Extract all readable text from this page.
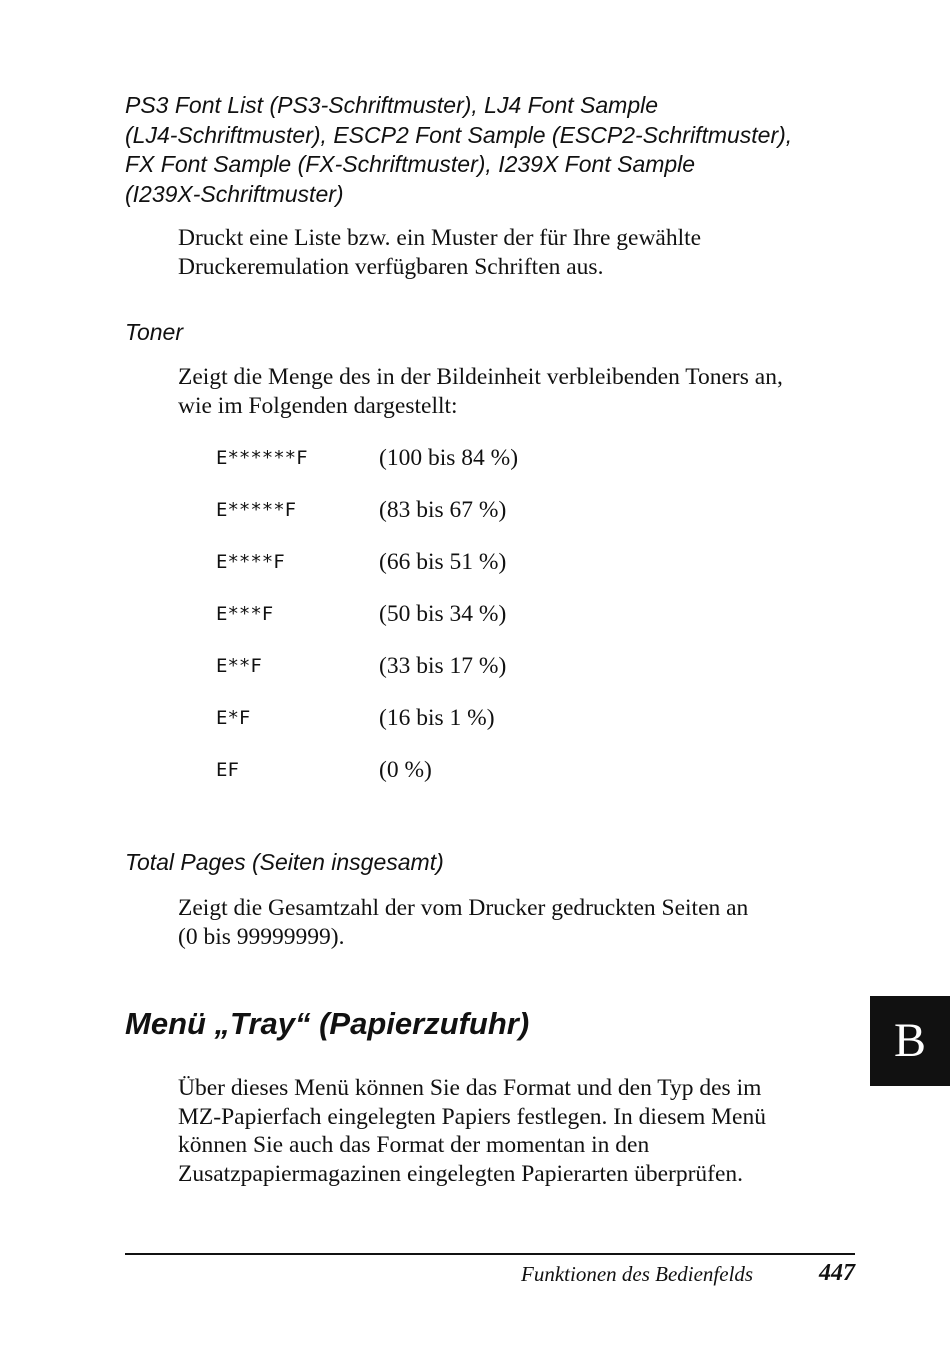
PS3 Font List (PS3-Schriftmuster), LJ4 Font Sample
(LJ4-Schriftmuster), ESCP2 Font Sample (ESCP2-Schriftmuster),
FX Font Sample (FX-Schriftmuster), I239X Font Sample
(I239X-Schriftmuster)

Druckt eine Liste bzw. ein Muster der für Ihre gewählte
Druckeremulation verfügbaren Schriften aus.

Toner

Zeigt die Menge des in der Bildeinheit verbleibenden Toners an,
wie im Folgenden dargestellt:

E******F	(100 bis 84 %)
E*****F	(83 bis 67 %)
E****F	(66 bis 51 %)
E***F	(50 bis 34 %)
E**F	(33 bis 17 %)
E*F	(16 bis 1 %)
EF	(0 %)
Total Pages (Seiten insgesamt)

Zeigt die Gesamtzahl der vom Drucker gedruckten Seiten an
(0 bis 99999999).

Menü „Tray“ (Papierzufuhr)

Über dieses Menü können Sie das Format und den Typ des im
MZ-Papierfach eingelegten Papiers festlegen. In diesem Menü
können Sie auch das Format der momentan in den
Zusatzpapiermagazinen eingelegten Papierarten überprüfen.

B
Funktionen des Bedienfelds	447
